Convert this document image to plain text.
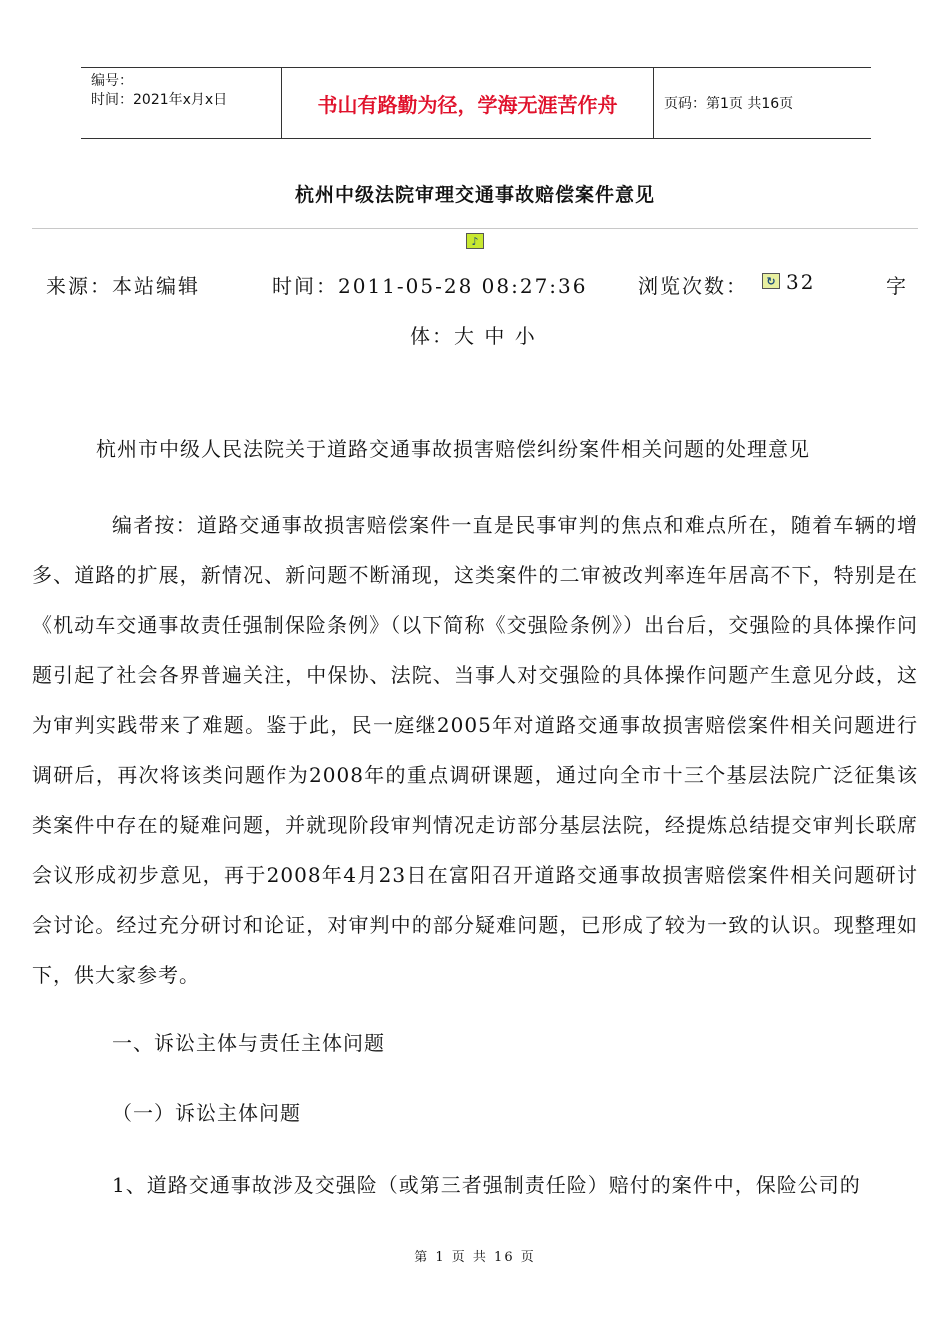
编号：
时间：2021年x月x日	书山有路勤为径，学海无涯苦作舟	页码：第1页 共16页
杭州中级法院审理交通事故赔偿案件意见
♪
来源：本站编辑	时间：2011-05-28 08:27:36	浏览次数：	↻ 32	字
体：大 中 小

杭州市中级人民法院关于道路交通事故损害赔偿纠纷案件相关问题的处理意见

编者按：道路交通事故损害赔偿案件一直是民事审判的焦点和难点所在，随着车辆的增多、道路的扩展，新情况、新问题不断涌现，这类案件的二审被改判率连年居高不下，特别是在《机动车交通事故责任强制保险条例》（以下简称《交强险条例》）出台后，交强险的具体操作问题引起了社会各界普遍关注，中保协、法院、当事人对交强险的具体操作问题产生意见分歧，这为审判实践带来了难题。鉴于此，民一庭继2005年对道路交通事故损害赔偿案件相关问题进行调研后，再次将该类问题作为2008年的重点调研课题，通过向全市十三个基层法院广泛征集该类案件中存在的疑难问题，并就现阶段审判情况走访部分基层法院，经提炼总结提交审判长联席会议形成初步意见，再于2008年4月23日在富阳召开道路交通事故损害赔偿案件相关问题研讨会讨论。经过充分研讨和论证，对审判中的部分疑难问题，已形成了较为一致的认识。现整理如下，供大家参考。

一、诉讼主体与责任主体问题

（一）诉讼主体问题

1、道路交通事故涉及交强险（或第三者强制责任险）赔付的案件中，保险公司的

第 1 页 共 16 页
